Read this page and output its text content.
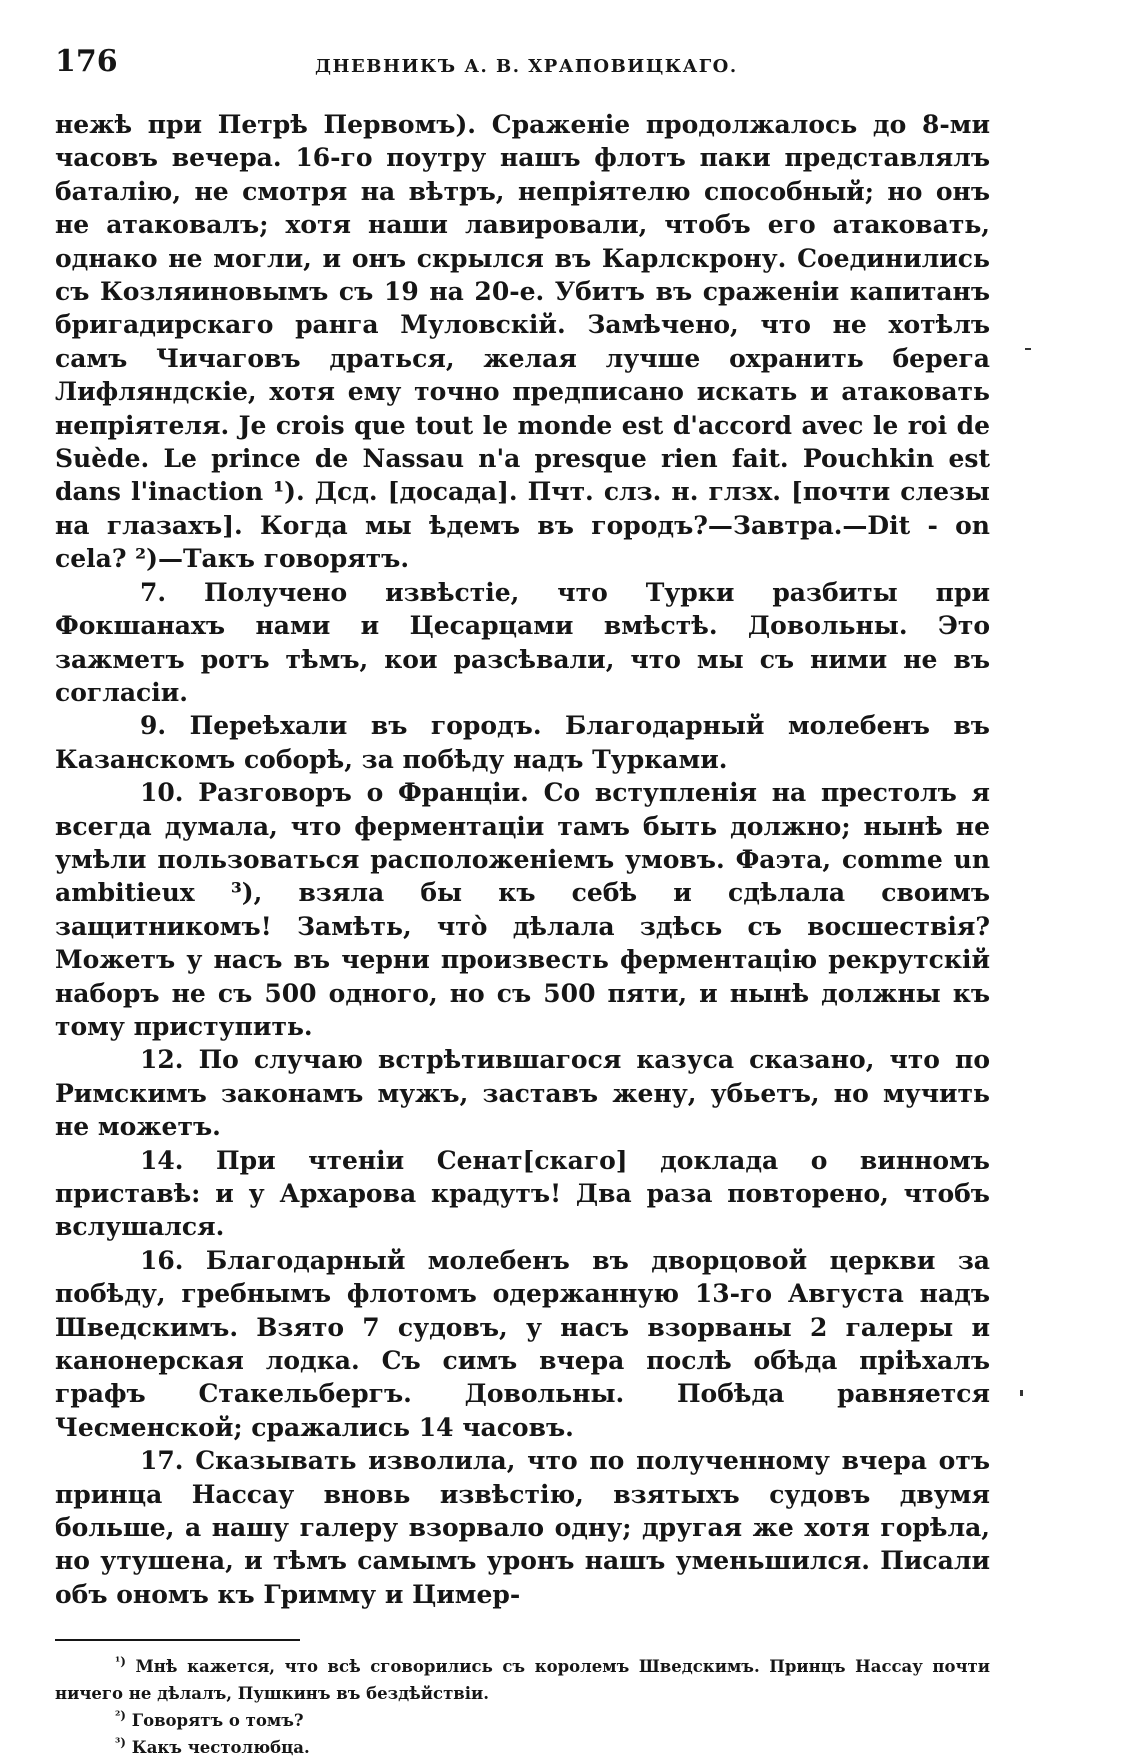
176	ДНЕВНИКЪ А. В. ХРАПОВИЦКАГО.

нежѣ при Петрѣ Первомъ). Сраженіе продолжалось до 8-ми часовъ вечера. 16-го поутру нашъ флотъ паки представлялъ баталію, не смотря на вѣтръ, непріятелю способный; но онъ не атаковалъ; хотя наши лавировали, чтобъ его атаковать, однако не могли, и онъ скрылся въ Карлскрону. Соединились съ Козляиновымъ съ 19 на 20-е. Убитъ въ сраженіи капитанъ бригадирскаго ранга Муловскій. Замѣчено, что не хотѣлъ самъ Чичаговъ драться, желая лучше охранить берега Лифляндскіе, хотя ему точно предписано искать и атаковать непріятеля. Je crois que tout le monde est d'accord avec le roi de Suède. Le prince de Nassau n'a presque rien fait. Pouchkin est dans l'inaction ¹). Дсд. [досада]. Пчт. слз. н. глзх. [почти слезы на глазахъ]. Когда мы ѣдемъ въ городъ?—Завтра.—Dit - on cela? ²)—Такъ говорятъ.

7. Получено извѣстіе, что Турки разбиты при Фокшанахъ нами и Цесарцами вмѣстѣ. Довольны. Это зажметъ ротъ тѣмъ, кои разсѣвали, что мы съ ними не въ согласіи.

9. Переѣхали въ городъ. Благодарный молебенъ въ Казанскомъ соборѣ, за побѣду надъ Турками.

10. Разговоръ о Франціи. Со вступленія на престолъ я всегда думала, что ферментаціи тамъ быть должно; нынѣ не умѣли пользоваться расположеніемъ умовъ. Фаэта, comme un ambitieux ³), взяла бы къ себѣ и сдѣлала своимъ защитникомъ! Замѣть, что̀ дѣлала здѣсь съ восшествія? Можетъ у насъ въ черни произвесть ферментацію рекрутскій наборъ не съ 500 одного, но съ 500 пяти, и нынѣ должны къ тому приступить.

12. По случаю встрѣтившагося казуса сказано, что по Римскимъ законамъ мужъ, заставъ жену, убьетъ, но мучить не можетъ.

14. При чтеніи Сенат[скаго] доклада о винномъ приставѣ: и у Архарова крадутъ! Два раза повторено, чтобъ вслушался.

16. Благодарный молебенъ въ дворцовой церкви за побѣду, гребнымъ флотомъ одержанную 13-го Августа надъ Шведскимъ. Взято 7 судовъ, у насъ взорваны 2 галеры и канонерская лодка. Съ симъ вчера послѣ обѣда пріѣхалъ графъ Стакельбергъ. Довольны. Побѣда равняется Чесменской; сражались 14 часовъ.

17. Сказывать изволила, что по полученному вчера отъ принца Нассау вновь извѣстію, взятыхъ судовъ двумя больше, а нашу галеру взорвало одну; другая же хотя горѣла, но утушена, и тѣмъ самымъ уронъ нашъ уменьшился. Писали объ ономъ къ Гримму и Цимер-

$^{^1)}$ Мнѣ кажется, что всѣ сговорились съ королемъ Шведскимъ. Принцъ Нассау почти ничего не дѣлалъ, Пушкинъ въ бездѣйствіи.

$^{^2)}$ Говорятъ о томъ?

$^{^3)}$ Какъ честолюбца.
